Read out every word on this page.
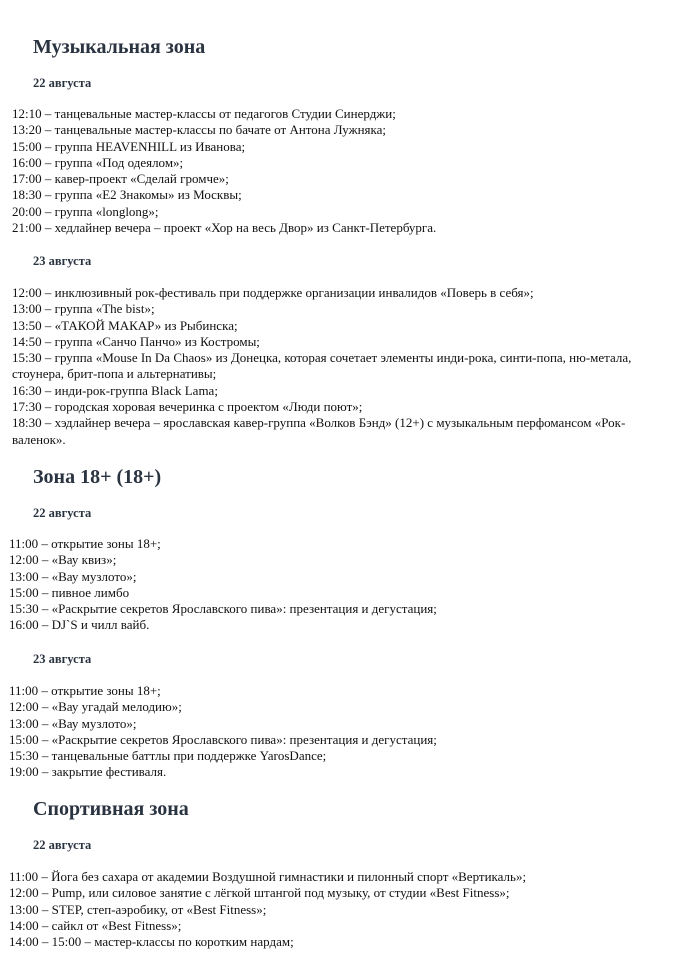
Музыкальная зона

22 августа

12:10 – танцевальные мастер-классы от педагогов Студии Синерджи;
13:20 – танцевальные мастер-классы по бачате от Антона Лужняка;
15:00 – группа HEAVENHILL из Иванова;
16:00 – группа «Под одеялом»;
17:00 – кавер-проект «Сделай громче»;
18:30 – группа «Е2 Знакомы» из Москвы;
20:00 – группа «longlong»;
21:00 – хедлайнер вечера – проект «Хор на весь Двор» из Санкт-Петербурга.

23 августа

12:00 – инклюзивный рок-фестиваль при поддержке организации инвалидов «Поверь в себя»;
13:00 – группа «The bist»;
13:50 – «ТАКОЙ МАКАР» из Рыбинска;
14:50 – группа «Санчо Панчо» из Костромы;
15:30 – группа «Mouse In Da Chaos» из Донецка, которая сочетает элементы инди-рока, синти-попа, ню-метала, стоунера, брит-попа и альтернативы;
16:30 – инди-рок-группа Black Lama;
17:30 – городская хоровая вечеринка с проектом «Люди поют»;
18:30 – хэдлайнер вечера – ярославская кавер-группа «Волков Бэнд» (12+) с музыкальным перфомансом «Рок-валенок».
Зона 18+ (18+)

22 августа

11:00 – открытие зоны 18+;
12:00 – «Вау квиз»;
13:00 – «Вау музлото»;
15:00 – пивное лимбо
15:30 – «Раскрытие секретов Ярославского пива»: презентация и дегустация;
16:00 – DJ`S и чилл вайб.

23 августа

11:00 – открытие зоны 18+;
12:00 – «Вау угадай мелодию»;
13:00 – «Вау музлото»;
15:00 – «Раскрытие секретов Ярославского пива»: презентация и дегустация;
15:30 – танцевальные баттлы при поддержке YarosDance;
19:00 – закрытие фестиваля.
Спортивная зона

22 августа

11:00 – Йога без сахара от академии Воздушной гимнастики и пилонный спорт «Вертикаль»;
12:00 – Pump, или силовое занятие с лёгкой штангой под музыку, от студии «Best Fitness»;
13:00 – STEP, степ-аэробику, от «Best Fitness»;
14:00 – сайкл от «Best Fitness»;
14:00 – 15:00 – мастер-классы по коротким нардам;
